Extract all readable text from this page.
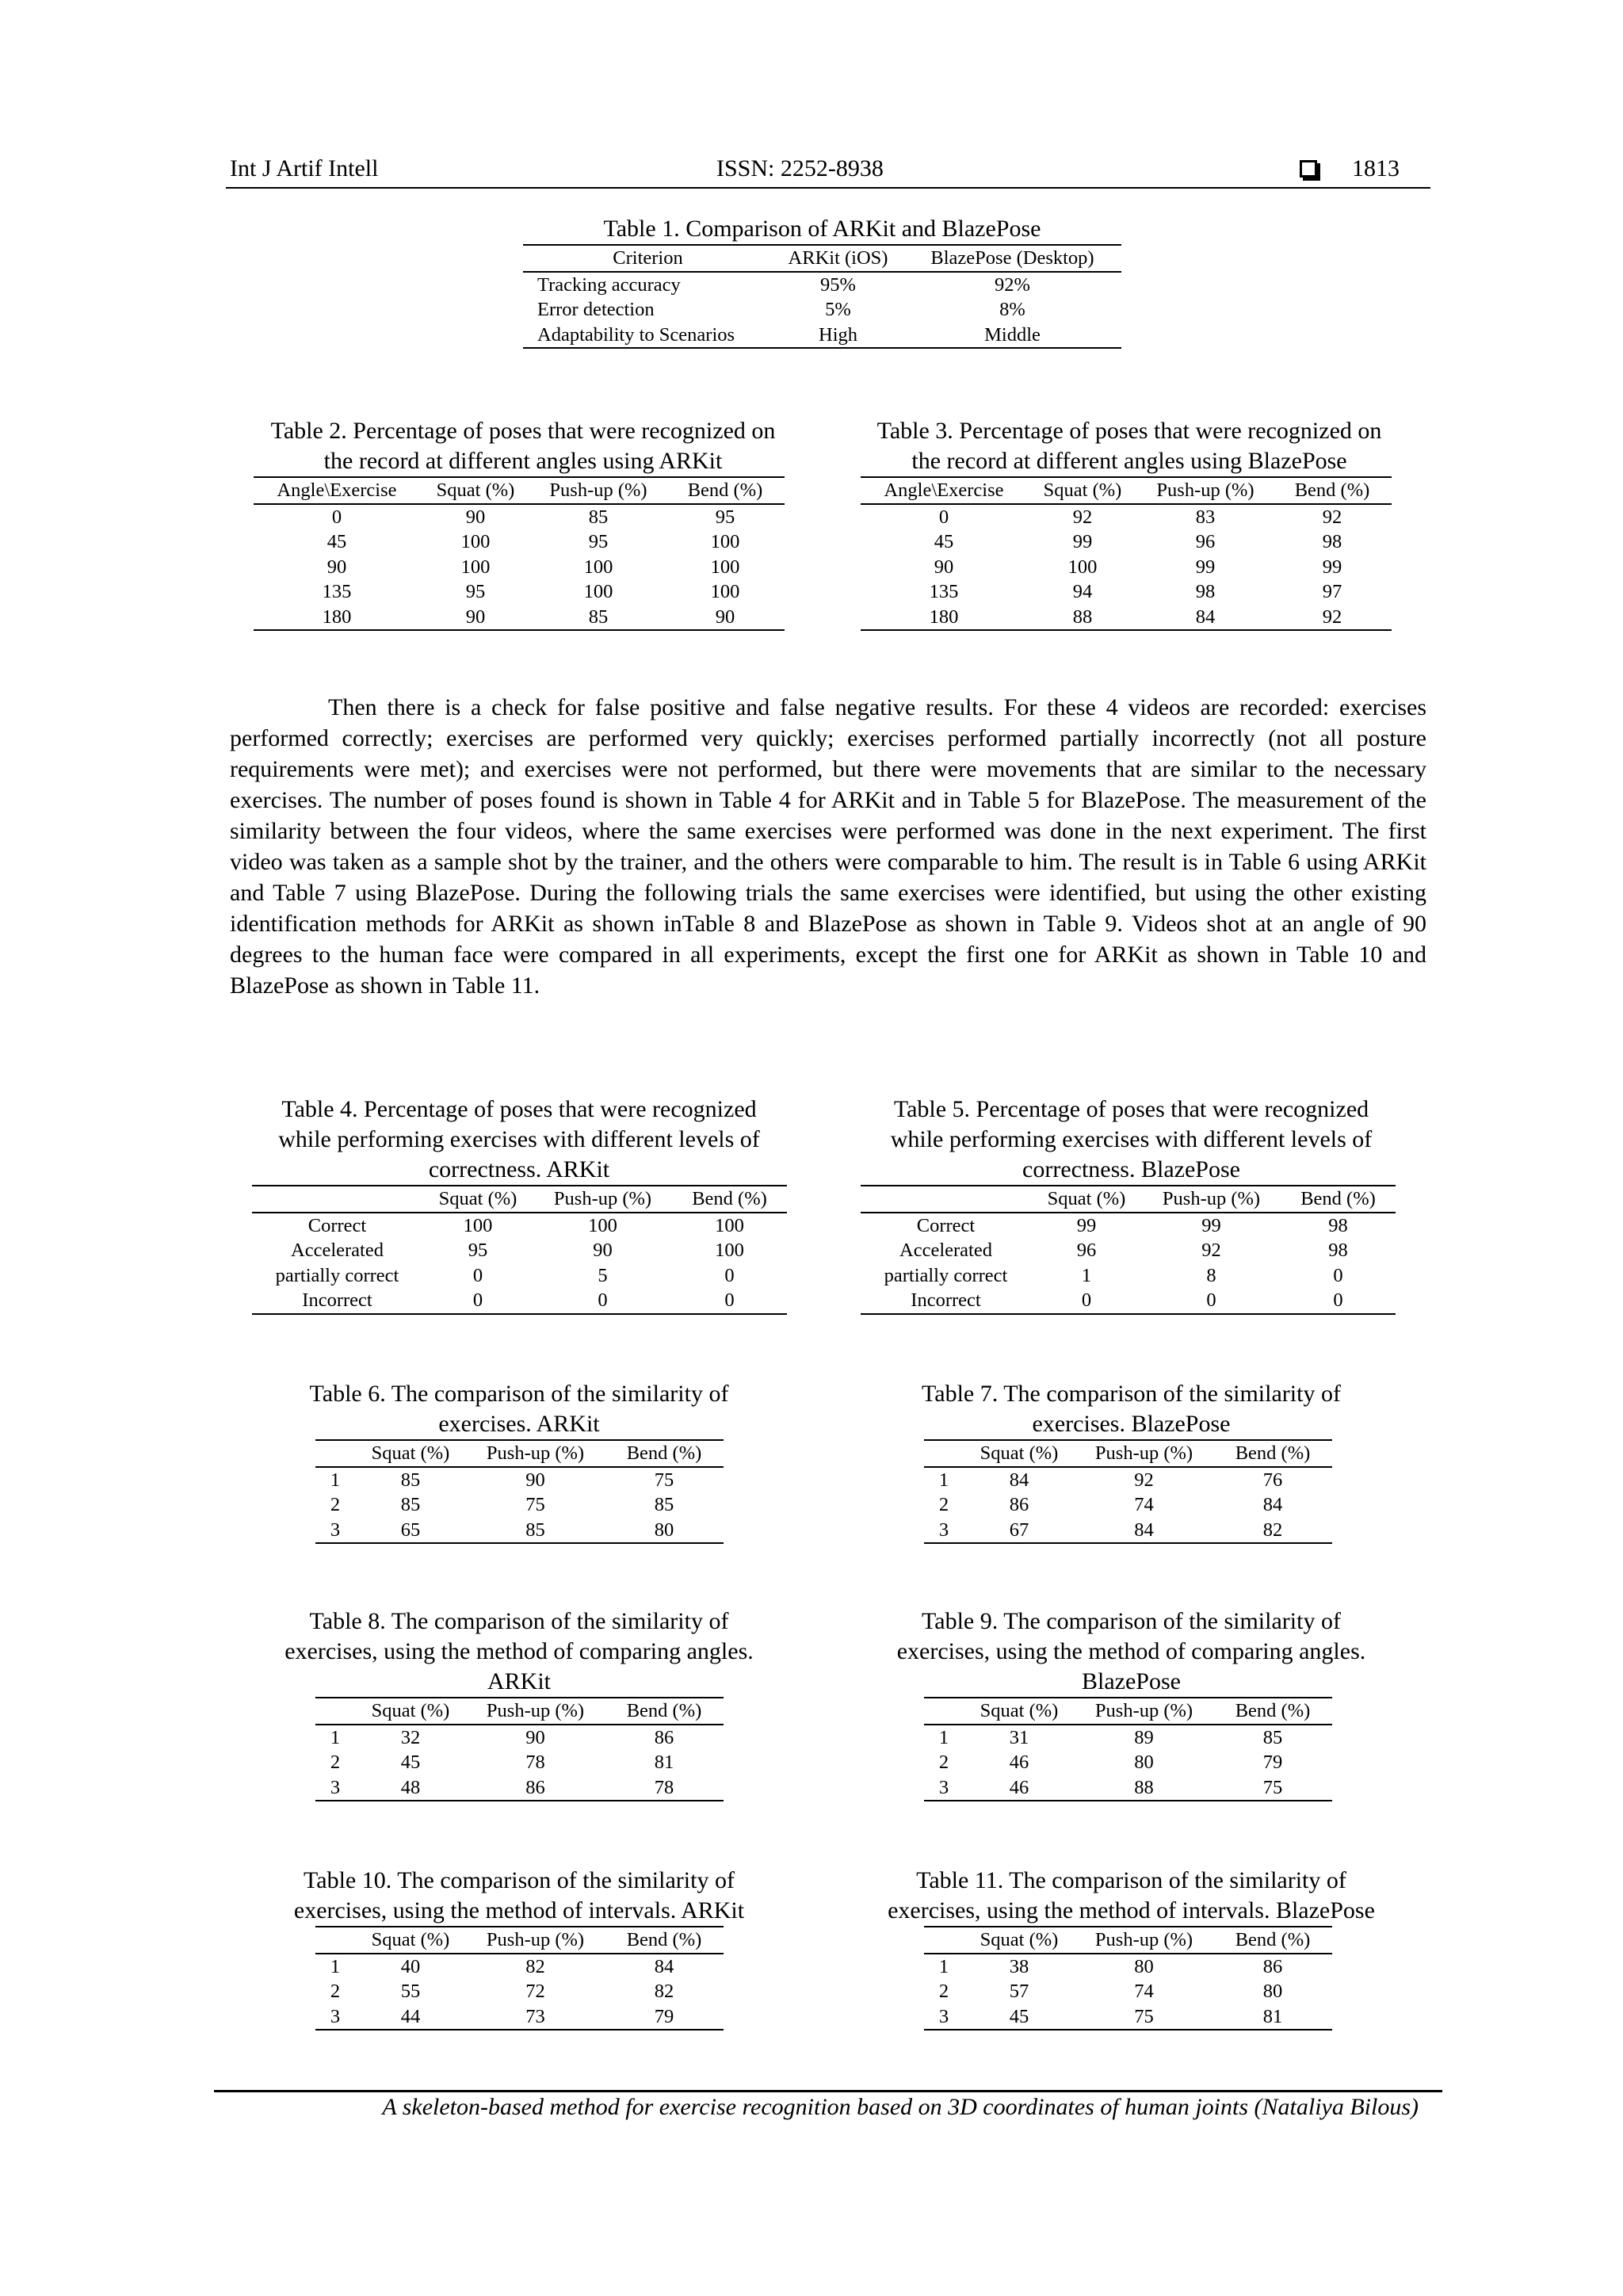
Int J Artif Intell	ISSN: 2252-8938	1813
Table 1. Comparison of ARKit and BlazePose
Criterion	ARKit (iOS)	BlazePose (Desktop)
Tracking accuracy	95%	92%
Error detection	5%	8%
Adaptability to Scenarios	High	Middle
Table 2. Percentage of poses that were recognized on
the record at different angles using ARKit
Angle\Exercise	Squat (%)	Push-up (%)	Bend (%)
0	90	85	95
45	100	95	100
90	100	100	100
135	95	100	100
180	90	85	90
Table 3. Percentage of poses that were recognized on
the record at different angles using BlazePose
Angle\Exercise	Squat (%)	Push-up (%)	Bend (%)
0	92	83	92
45	99	96	98
90	100	99	99
135	94	98	97
180	88	84	92

Then there is a check for false positive and false negative results. For these 4 videos are recorded: exercises performed correctly; exercises are performed very quickly; exercises performed partially incorrectly (not all posture requirements were met); and exercises were not performed, but there were movements that are similar to the necessary exercises. The number of poses found is shown in Table 4 for ARKit and in Table 5 for BlazePose. The measurement of the similarity between the four videos, where the same exercises were performed was done in the next experiment. The first video was taken as a sample shot by the trainer, and the others were comparable to him. The result is in Table 6 using ARKit and Table 7 using BlazePose. During the following trials the same exercises were identified, but using the other existing identification methods for ARKit as shown inTable 8 and BlazePose as shown in Table 9. Videos shot at an angle of 90 degrees to the human face were compared in all experiments, except the first one for ARKit as shown in Table 10 and BlazePose as shown in Table 11.

Table 4. Percentage of poses that were recognized
while performing exercises with different levels of
correctness. ARKit
	Squat (%)	Push-up (%)	Bend (%)
Correct	100	100	100
Accelerated	95	90	100
partially correct	0	5	0
Incorrect	0	0	0
Table 5. Percentage of poses that were recognized
while performing exercises with different levels of
correctness. BlazePose
	Squat (%)	Push-up (%)	Bend (%)
Correct	99	99	98
Accelerated	96	92	98
partially correct	1	8	0
Incorrect	0	0	0
Table 6. The comparison of the similarity of
exercises. ARKit
	Squat (%)	Push-up (%)	Bend (%)
1	85	90	75
2	85	75	85
3	65	85	80
Table 7. The comparison of the similarity of
exercises. BlazePose
	Squat (%)	Push-up (%)	Bend (%)
1	84	92	76
2	86	74	84
3	67	84	82
Table 8. The comparison of the similarity of
exercises, using the method of comparing angles.
ARKit
	Squat (%)	Push-up (%)	Bend (%)
1	32	90	86
2	45	78	81
3	48	86	78
Table 9. The comparison of the similarity of
exercises, using the method of comparing angles.
BlazePose
	Squat (%)	Push-up (%)	Bend (%)
1	31	89	85
2	46	80	79
3	46	88	75
Table 10. The comparison of the similarity of
exercises, using the method of intervals. ARKit
	Squat (%)	Push-up (%)	Bend (%)
1	40	82	84
2	55	72	82
3	44	73	79
Table 11. The comparison of the similarity of
exercises, using the method of intervals. BlazePose
	Squat (%)	Push-up (%)	Bend (%)
1	38	80	86
2	57	74	80
3	45	75	81
A skeleton-based method for exercise recognition based on 3D coordinates of human joints (Nataliya Bilous)
